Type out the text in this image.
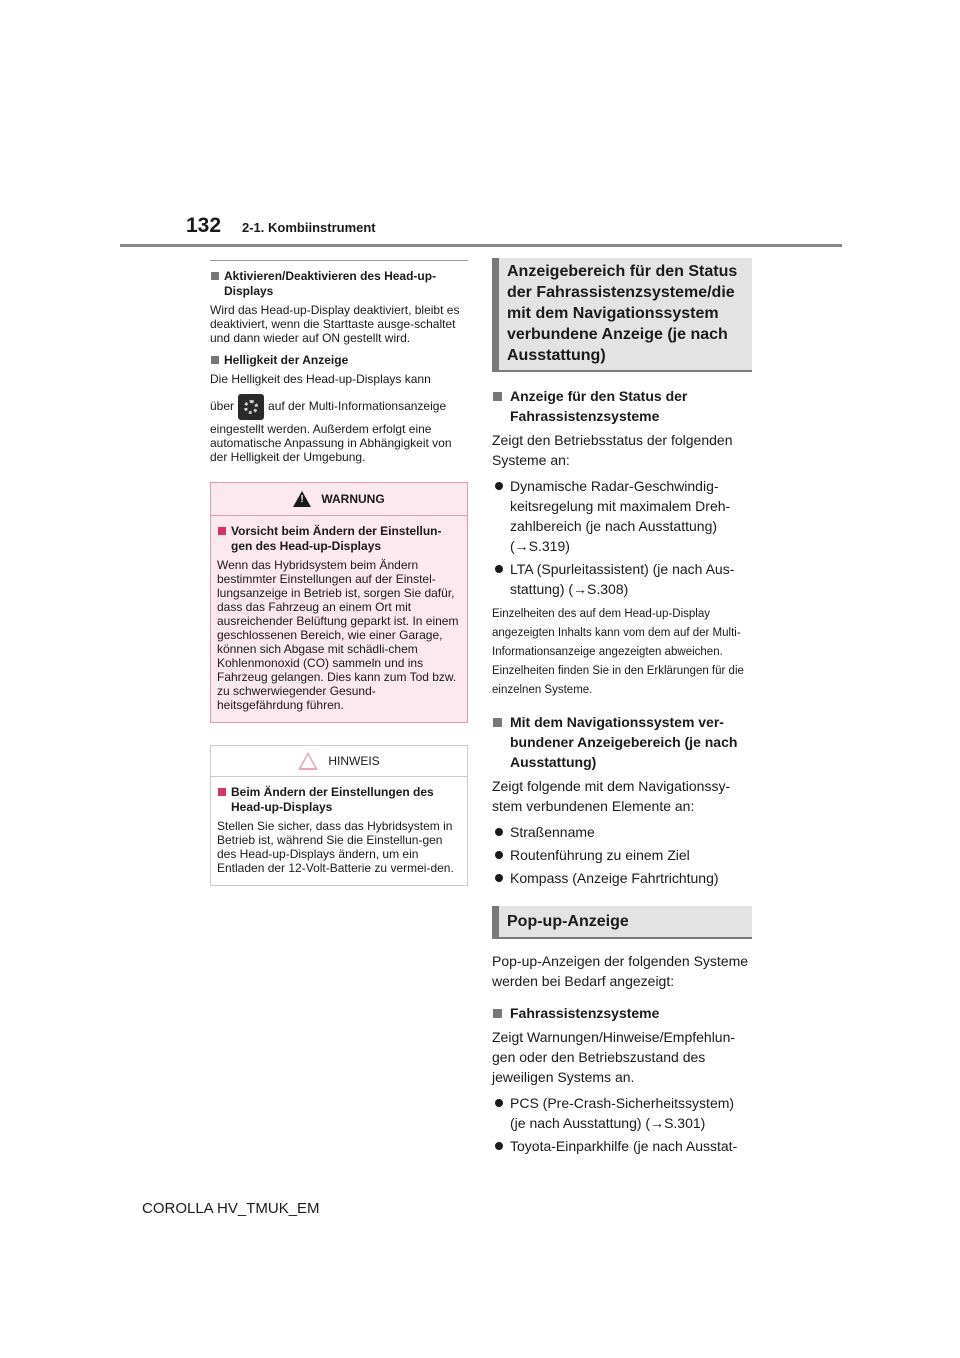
132 2-1. Kombiinstrument
Aktivieren/Deaktivieren des Head-up-Displays

Wird das Head-up-Display deaktiviert, bleibt es deaktiviert, wenn die Starttaste ausge-schaltet und dann wieder auf ON gestellt wird.

Helligkeit der Anzeige

Die Helligkeit des Head-up-Displays kann

über	auf der Multi-Informationsanzeige

eingestellt werden. Außerdem erfolgt eine automatische Anpassung in Abhängigkeit von der Helligkeit der Umgebung.

!
WARNUNG
Vorsicht beim Ändern der Einstellun-gen des Head-up-Displays

Wenn das Hybridsystem beim Ändern bestimmter Einstellungen auf der Einstel-lungsanzeige in Betrieb ist, sorgen Sie dafür, dass das Fahrzeug an einem Ort mit ausreichender Belüftung geparkt ist. In einem geschlossenen Bereich, wie einer Garage, können sich Abgase mit schädli-chem Kohlenmonoxid (CO) sammeln und ins Fahrzeug gelangen. Dies kann zum Tod bzw. zu schwerwiegender Gesund-heitsgefährdung führen.

HINWEIS
Beim Ändern der Einstellungen des Head-up-Displays

Stellen Sie sicher, dass das Hybridsystem in Betrieb ist, während Sie die Einstellun-gen des Head-up-Displays ändern, um ein Entladen der 12-Volt-Batterie zu vermei-den.

Anzeigebereich für den Status der Fahrassistenzsysteme/die mit dem Navigationssystem verbundene Anzeige (je nach Ausstattung)
Anzeige für den Status der Fahrassistenzsysteme

Zeigt den Betriebsstatus der folgenden Systeme an:

Dynamische Radar-Geschwindig-keitsregelung mit maximalem Dreh-zahlbereich (je nach Ausstattung) (→S.319)
LTA (Spurleitassistent) (je nach Aus-stattung) (→S.308)

Einzelheiten des auf dem Head-up-Display angezeigten Inhalts kann vom dem auf der Multi-Informationsanzeige angezeigten abweichen. Einzelheiten finden Sie in den Erklärungen für die einzelnen Systeme.

Mit dem Navigationssystem ver-bundener Anzeigebereich (je nach Ausstattung)

Zeigt folgende mit dem Navigationssy-stem verbundenen Elemente an:

Straßenname
Routenführung zu einem Ziel
Kompass (Anzeige Fahrtrichtung)
Pop-up-Anzeige

Pop-up-Anzeigen der folgenden Systeme werden bei Bedarf angezeigt:

Fahrassistenzsysteme

Zeigt Warnungen/Hinweise/Empfehlun-gen oder den Betriebszustand des jeweiligen Systems an.

PCS (Pre-Crash-Sicherheitssystem) (je nach Ausstattung) (→S.301)
Toyota-Einparkhilfe (je nach Ausstat-
COROLLA HV_TMUK_EM
